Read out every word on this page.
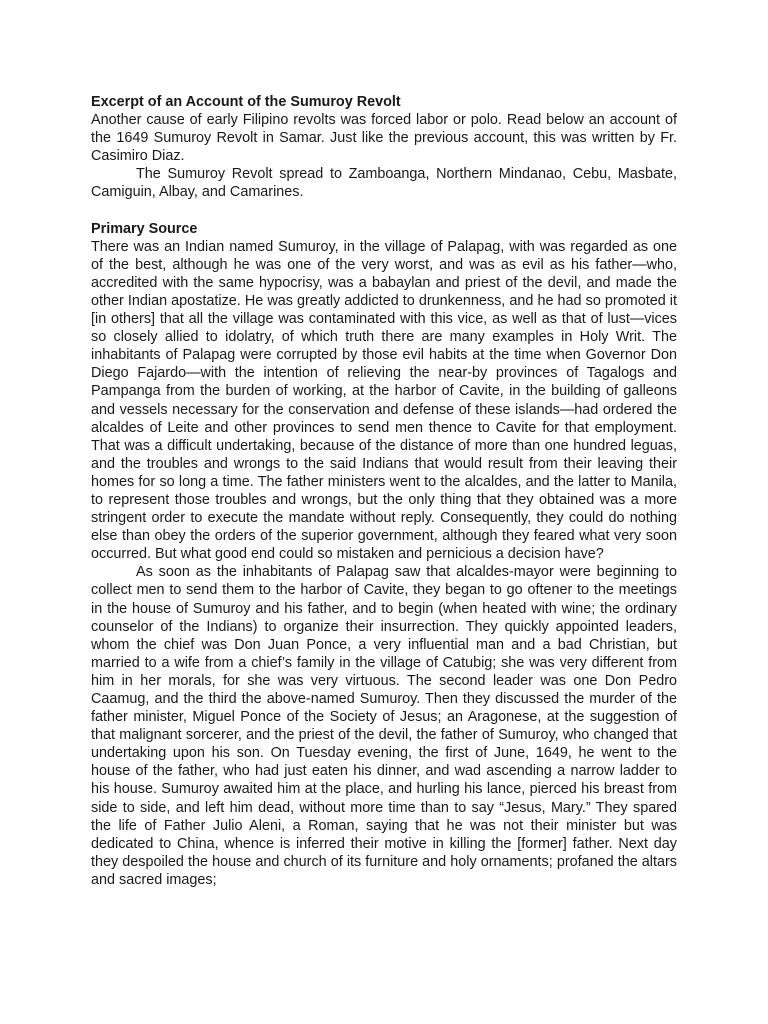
Excerpt of an Account of the Sumuroy Revolt

Another cause of early Filipino revolts was forced labor or polo. Read below an account of the 1649 Sumuroy Revolt in Samar. Just like the previous account, this was written by Fr. Casimiro Diaz.

The Sumuroy Revolt spread to Zamboanga, Northern Mindanao, Cebu, Masbate, Camiguin, Albay, and Camarines.

Primary Source

There was an Indian named Sumuroy, in the village of Palapag, with was regarded as one of the best, although he was one of the very worst, and was as evil as his father—who, accredited with the same hypocrisy, was a babaylan and priest of the devil, and made the other Indian apostatize. He was greatly addicted to drunkenness, and he had so promoted it [in others] that all the village was contaminated with this vice, as well as that of lust—vices so closely allied to idolatry, of which truth there are many examples in Holy Writ. The inhabitants of Palapag were corrupted by those evil habits at the time when Governor Don Diego Fajardo—with the intention of relieving the near-by provinces of Tagalogs and Pampanga from the burden of working, at the harbor of Cavite, in the building of galleons and vessels necessary for the conservation and defense of these islands—had ordered the alcaldes of Leite and other provinces to send men thence to Cavite for that employment. That was a difficult undertaking, because of the distance of more than one hundred leguas, and the troubles and wrongs to the said Indians that would result from their leaving their homes for so long a time. The father ministers went to the alcaldes, and the latter to Manila, to represent those troubles and wrongs, but the only thing that they obtained was a more stringent order to execute the mandate without reply. Consequently, they could do nothing else than obey the orders of the superior government, although they feared what very soon occurred. But what good end could so mistaken and pernicious a decision have?

As soon as the inhabitants of Palapag saw that alcaldes-mayor were beginning to collect men to send them to the harbor of Cavite, they began to go oftener to the meetings in the house of Sumuroy and his father, and to begin (when heated with wine; the ordinary counselor of the Indians) to organize their insurrection. They quickly appointed leaders, whom the chief was Don Juan Ponce, a very influential man and a bad Christian, but married to a wife from a chief’s family in the village of Catubig; she was very different from him in her morals, for she was very virtuous. The second leader was one Don Pedro Caamug, and the third the above-named Sumuroy. Then they discussed the murder of the father minister, Miguel Ponce of the Society of Jesus; an Aragonese, at the suggestion of that malignant sorcerer, and the priest of the devil, the father of Sumuroy, who changed that undertaking upon his son. On Tuesday evening, the first of June, 1649, he went to the house of the father, who had just eaten his dinner, and wad ascending a narrow ladder to his house. Sumuroy awaited him at the place, and hurling his lance, pierced his breast from side to side, and left him dead, without more time than to say “Jesus, Mary.” They spared the life of Father Julio Aleni, a Roman, saying that he was not their minister but was dedicated to China, whence is inferred their motive in killing the [former] father. Next day they despoiled the house and church of its furniture and holy ornaments; profaned the altars and sacred images;
